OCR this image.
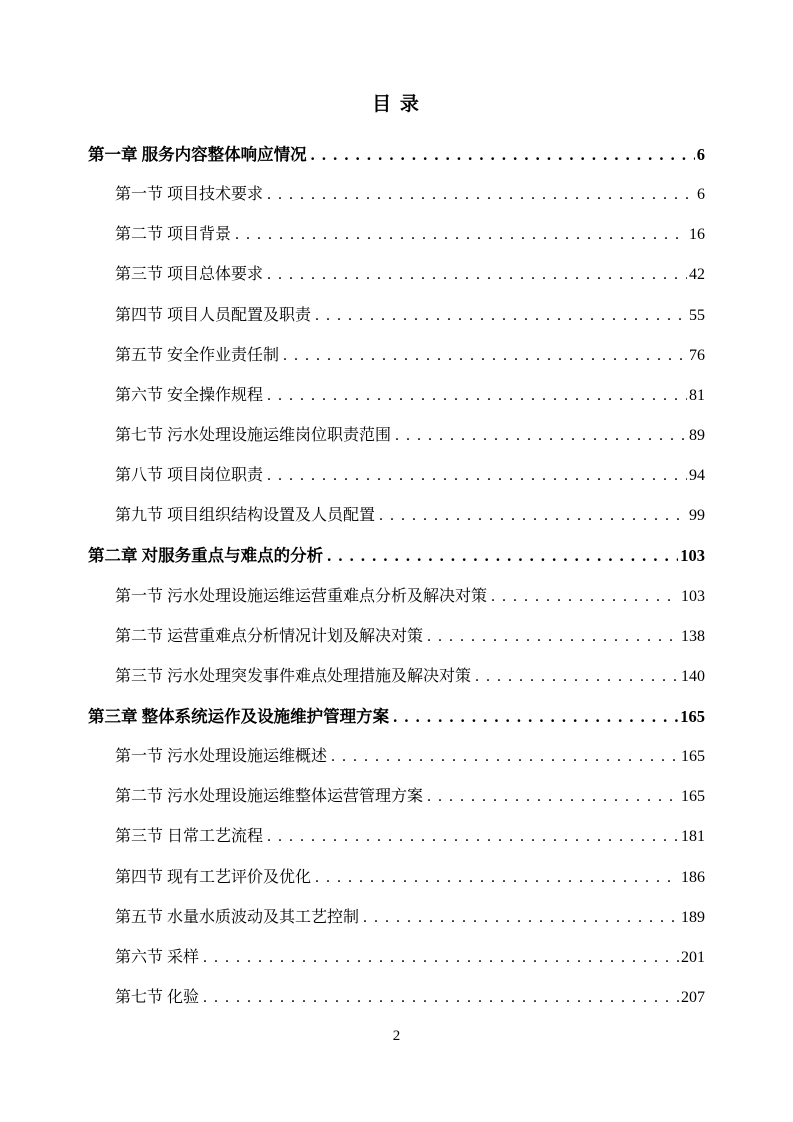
目 录
第一章 服务内容整体响应情况 . . .	6
第一节 项目技术要求 . . .	6
第二节 项目背景 . . .	16
第三节 项目总体要求 . . .	42
第四节 项目人员配置及职责 . . .	55
第五节 安全作业责任制 . . .	76
第六节 安全操作规程 . . .	81
第七节 污水处理设施运维岗位职责范围 . . .	89
第八节 项目岗位职责 . . .	94
第九节 项目组织结构设置及人员配置 . . .	99
第二章 对服务重点与难点的分析 . . .	103
第一节 污水处理设施运维运营重难点分析及解决对策 . . .	103
第二节 运营重难点分析情况计划及解决对策 . . .	138
第三节 污水处理突发事件难点处理措施及解决对策 . . .	140
第三章 整体系统运作及设施维护管理方案 . . .	165
第一节 污水处理设施运维概述 . . .	165
第二节 污水处理设施运维整体运营管理方案 . . .	165
第三节 日常工艺流程 . . .	181
第四节 现有工艺评价及优化 . . .	186
第五节 水量水质波动及其工艺控制 . . .	189
第六节 采样 . . .	201
第七节 化验 . . .	207
2
